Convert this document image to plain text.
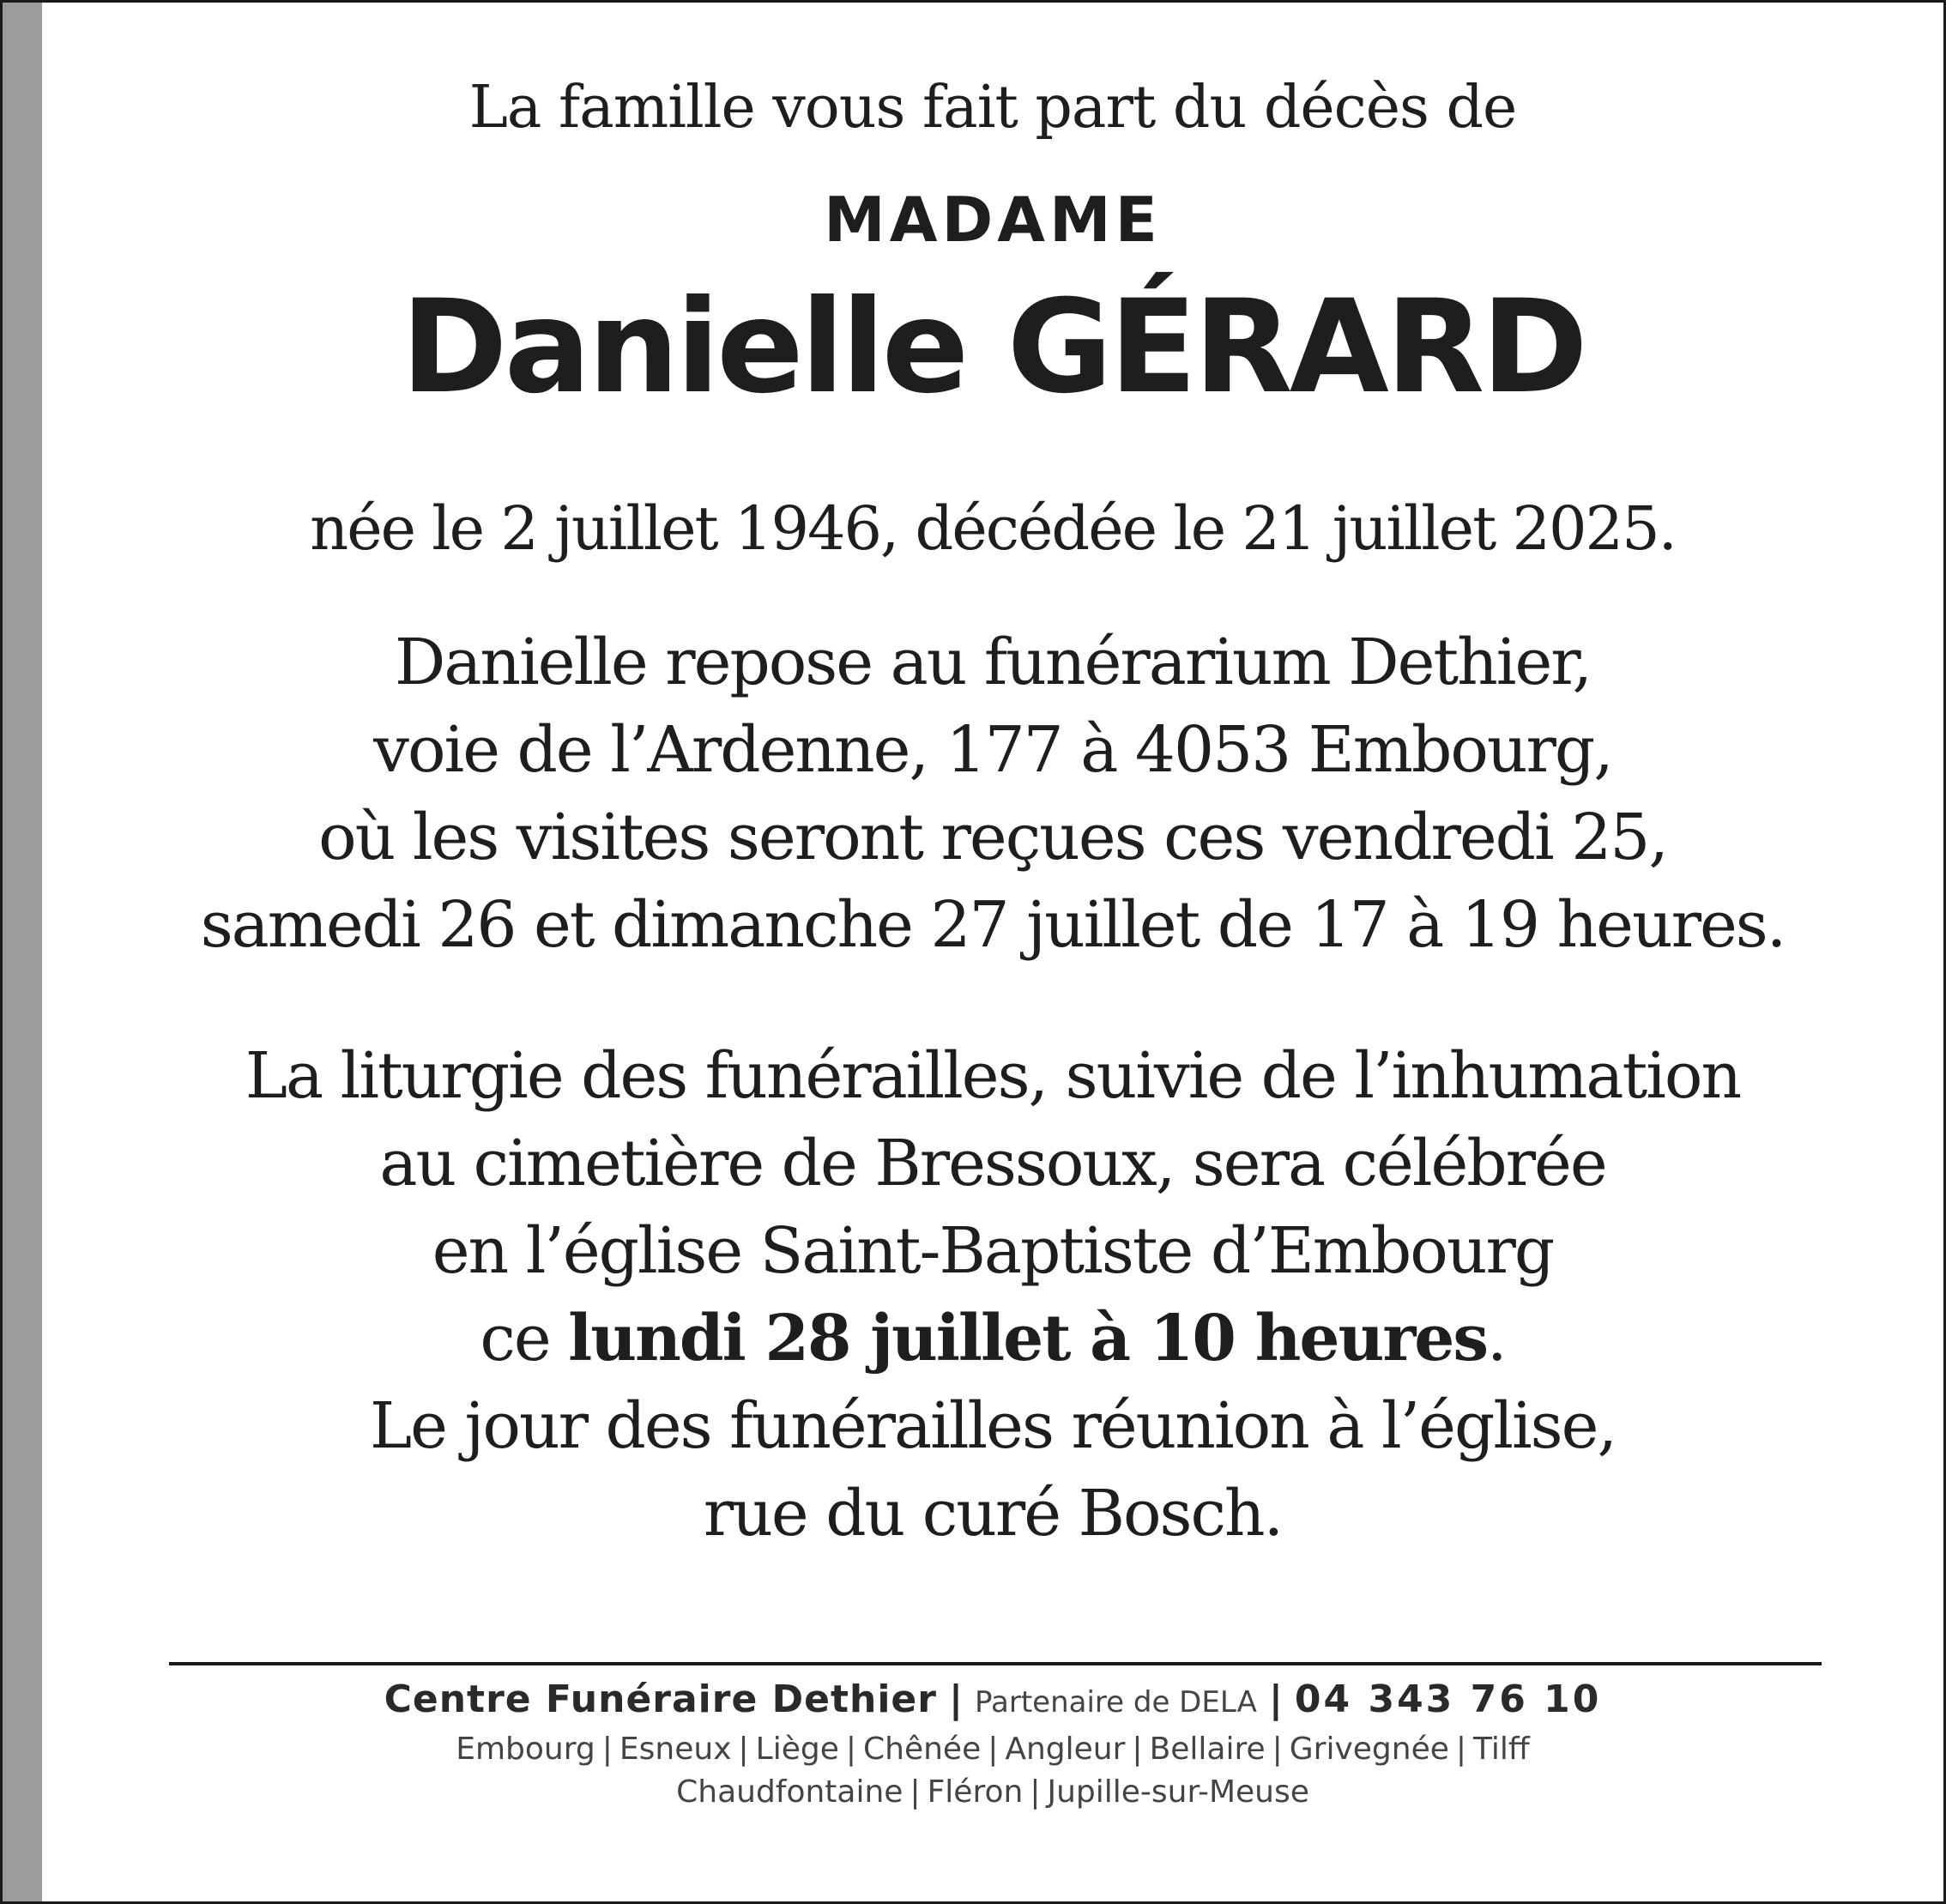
La famille vous fait part du décès de
MADAME
Danielle GÉRARD
née le 2 juillet 1946, décédée le 21 juillet 2025.
Danielle repose au funérarium Dethier,
voie de l’Ardenne, 177 à 4053 Embourg,
où les visites seront reçues ces vendredi 25,
samedi 26 et dimanche 27 juillet de 17 à 19 heures.
La liturgie des funérailles, suivie de l’inhumation
au cimetière de Bressoux, sera célébrée
en l’église Saint-Baptiste d’Embourg
ce lundi 28 juillet à 10 heures.
Le jour des funérailles réunion à l’église,
rue du curé Bosch.
Centre Funéraire Dethier | Partenaire de DELA | 04 343 76 10
Embourg | Esneux | Liège | Chênée | Angleur | Bellaire | Grivegnée | Tilff
Chaudfontaine | Fléron | Jupille-sur-Meuse
